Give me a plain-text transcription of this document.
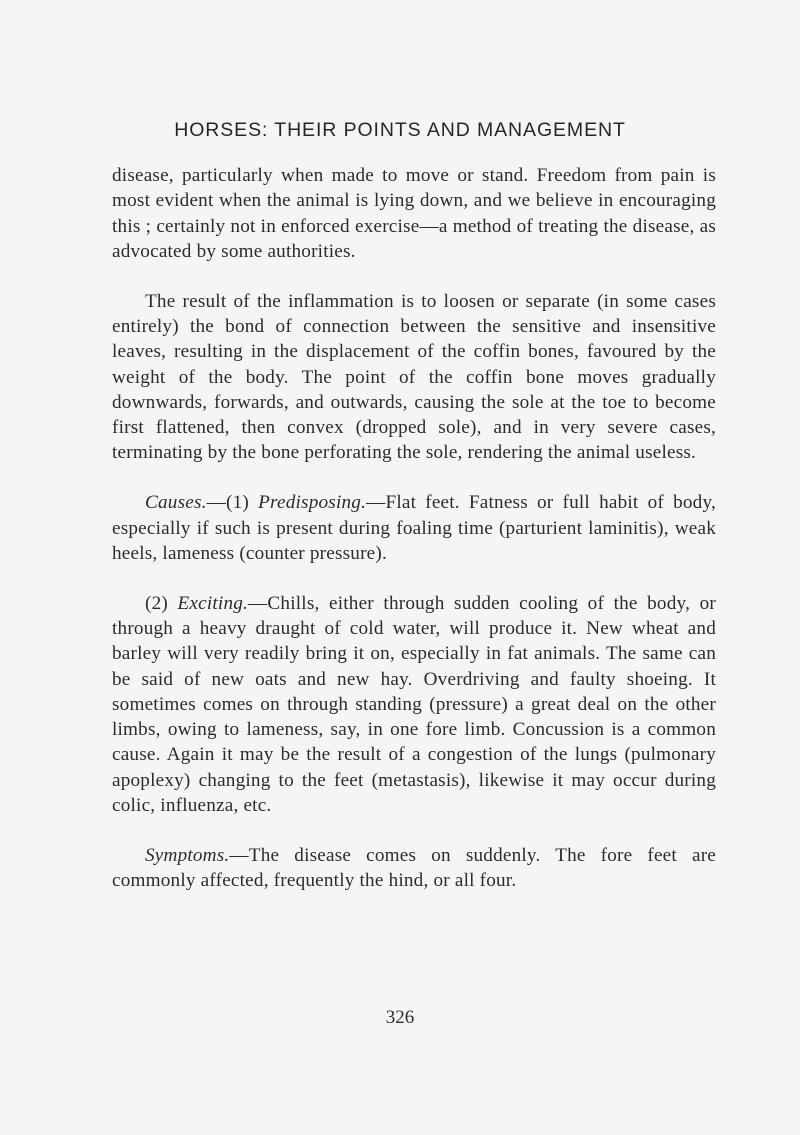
HORSES: THEIR POINTS AND MANAGEMENT

disease, particularly when made to move or stand. Freedom from pain is most evident when the animal is lying down, and we believe in encouraging this ; certainly not in enforced exercise—a method of treating the disease, as advocated by some authorities.

The result of the inflammation is to loosen or separate (in some cases entirely) the bond of connection between the sensitive and insensitive leaves, resulting in the displacement of the coffin bones, favoured by the weight of the body. The point of the coffin bone moves gradually downwards, forwards, and outwards, causing the sole at the toe to become first flattened, then convex (dropped sole), and in very severe cases, terminating by the bone perforating the sole, rendering the animal useless.

Causes.—(1) Predisposing.—Flat feet. Fatness or full habit of body, especially if such is present during foaling time (parturient laminitis), weak heels, lameness (counter pressure).

(2) Exciting.—Chills, either through sudden cooling of the body, or through a heavy draught of cold water, will produce it. New wheat and barley will very readily bring it on, especially in fat animals. The same can be said of new oats and new hay. Overdriving and faulty shoeing. It sometimes comes on through standing (pressure) a great deal on the other limbs, owing to lameness, say, in one fore limb. Concussion is a common cause. Again it may be the result of a congestion of the lungs (pulmonary apoplexy) changing to the feet (metastasis), likewise it may occur during colic, influenza, etc.

Symptoms.—The disease comes on suddenly. The fore feet are commonly affected, frequently the hind, or all four.

326
